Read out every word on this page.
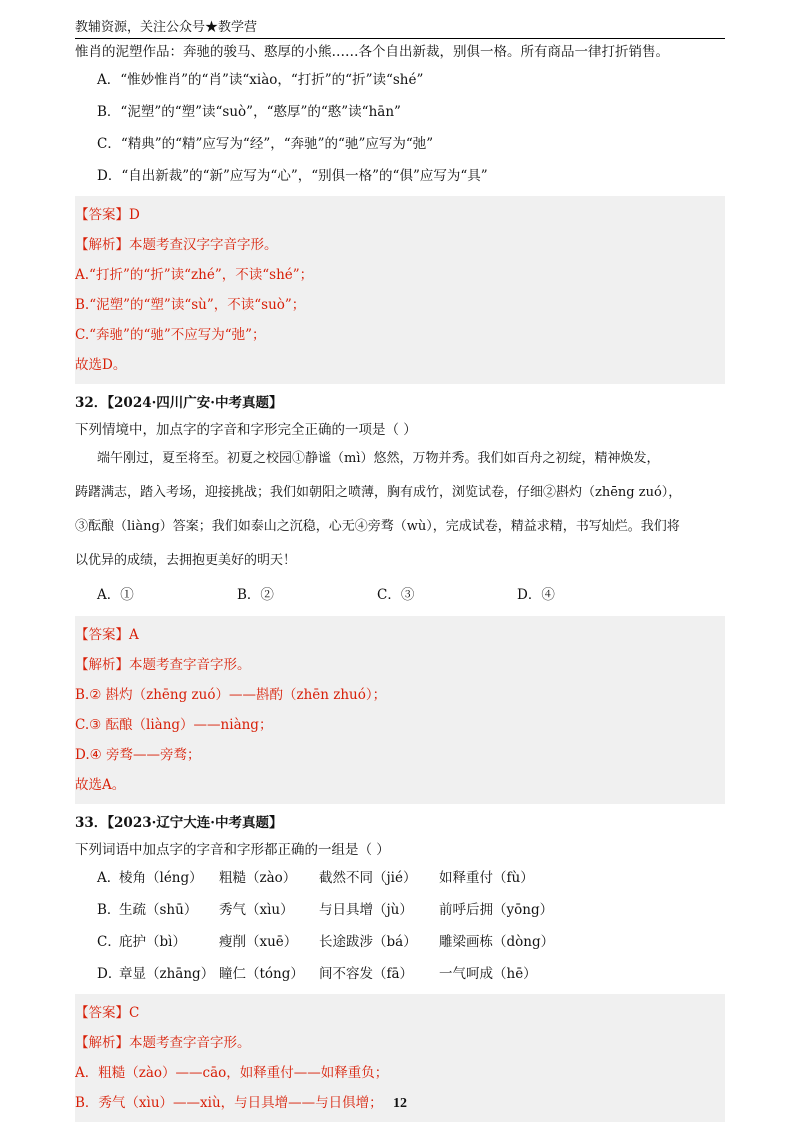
教辅资源，关注公众号★教学营
惟肖的泥塑作品：奔驰的骏马、憨厚的小熊……各个自出新裁，别俱一格。所有商品一律打折销售。
A．“惟妙惟肖”的“肖”读“xiào，“打折”的“折”读“shé”
B．“泥塑”的“塑”读“suò”，“憨厚”的“憨”读“hān”
C．“精典”的“精”应写为“经”，“奔驰”的“驰”应写为“弛”
D．“自出新裁”的“新”应写为“心”，“别俱一格”的“俱”应写为“具”
【答案】D
【解析】本题考查汉字字音字形。
A.“打折”的“折”读“zhé”，不读“shé”；
B.“泥塑”的“塑”读“sù”，不读“suò”；
C.“奔驰”的“驰”不应写为“弛”；
故选D。
32．【2024·四川广安·中考真题】
下列情境中，加点字的字音和字形完全正确的一项是（ ）
端午刚过，夏至将至。初夏之校园①静谧（mì）悠然，万物并秀。我们如百舟之初绽，精神焕发，
踌躇满志，踏入考场，迎接挑战；我们如朝阳之喷薄，胸有成竹，浏览试卷，仔细②斟灼（zhēng zuó），
③酝酿（liàng）答案；我们如泰山之沉稳，心无④旁骛（wù），完成试卷，精益求精，书写灿烂。我们将
以优异的成绩，去拥抱更美好的明天！
A．①	B．②	C．③	D．④
【答案】A
【解析】本题考查字音字形。
B.② 斟灼（zhēng zuó）——斟酌（zhēn zhuó）；
C.③ 酝酿（liàng）——niàng；
D.④ 旁骛——旁骛；
故选A。
33．【2023·辽宁大连·中考真题】
下列词语中加点字的字音和字形都正确的一组是（ ）
A．
棱角（léng）	粗糙（zào）	截然不同（jié）	如释重付（fù）
B．
生疏（shū）	秀气（xìu）	与日具增（jù）	前呼后拥（yōng）
C．
庇护（bì）	瘦削（xuē）	长途跋涉（bá）	雕梁画栋（dòng）
D．
章显（zhāng） 瞳仁（tóng）	间不容发（fā）	一气呵成（hē）
【答案】C
【解析】本题考查字音字形。
A．粗糙（zào）——cāo，如释重付——如释重负；
B．秀气（xìu）——xiù，与日具增——与日俱增； 12
